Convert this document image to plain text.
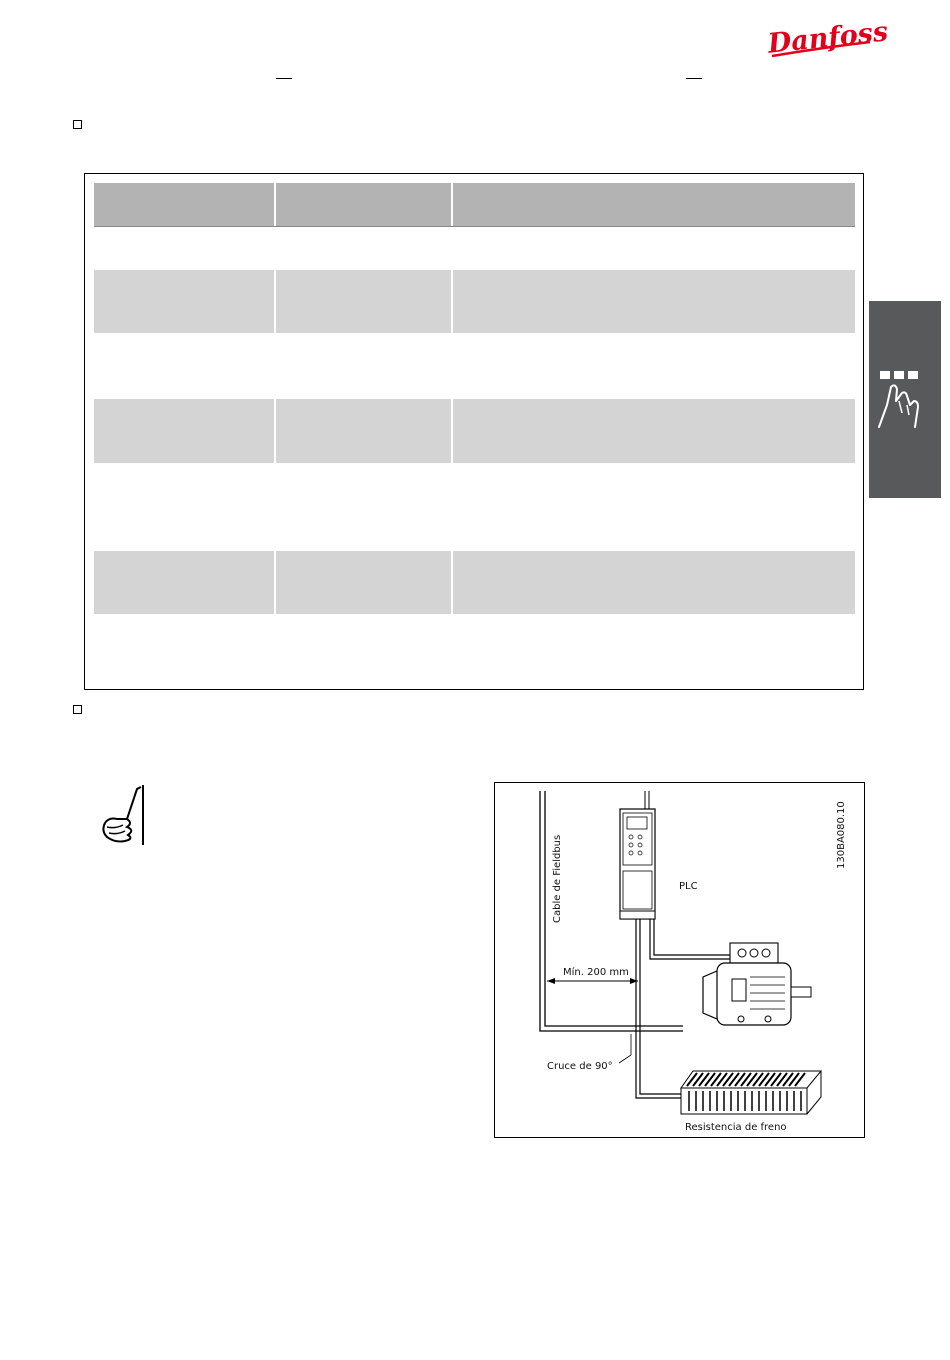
Danfoss
Cable de Fieldbus	PLC
Mín. 200 mm
Cruce de 90°
Resistencia de freno
130BA080.10
